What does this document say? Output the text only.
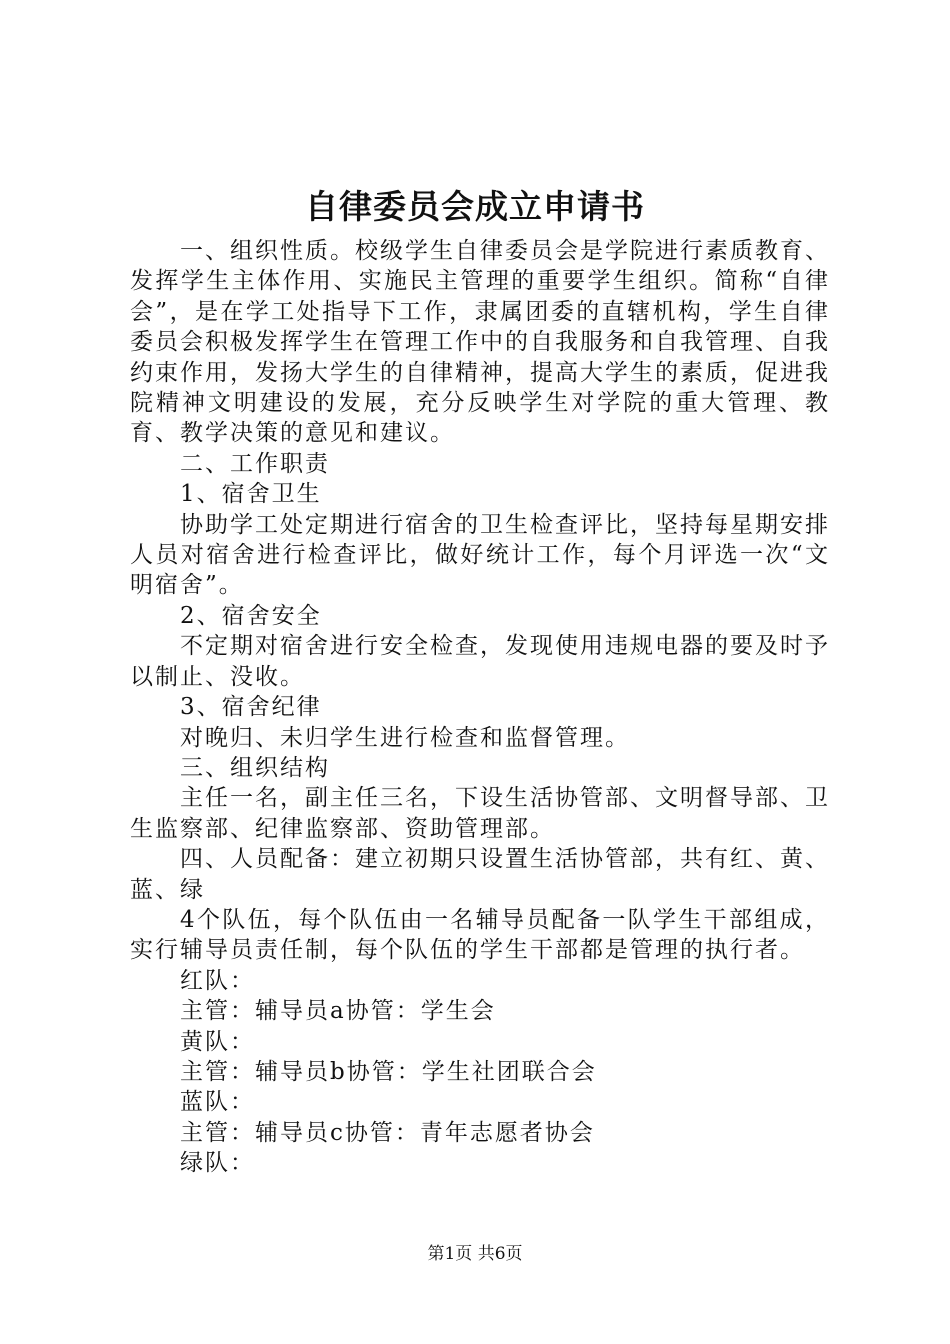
自律委员会成立申请书

一、组织性质。校级学生自律委员会是学院进行素质教育、发挥学生主体作用、实施民主管理的重要学生组织。简称“自律会”，是在学工处指导下工作，隶属团委的直辖机构，学生自律委员会积极发挥学生在管理工作中的自我服务和自我管理、自我约束作用，发扬大学生的自律精神，提高大学生的素质，促进我院精神文明建设的发展，充分反映学生对学院的重大管理、教育、教学决策的意见和建议。

二、工作职责

1、宿舍卫生

协助学工处定期进行宿舍的卫生检查评比，坚持每星期安排人员对宿舍进行检查评比，做好统计工作，每个月评选一次“文明宿舍”。

2、宿舍安全

不定期对宿舍进行安全检查，发现使用违规电器的要及时予以制止、没收。

3、宿舍纪律

对晚归、未归学生进行检查和监督管理。

三、组织结构

主任一名，副主任三名，下设生活协管部、文明督导部、卫生监察部、纪律监察部、资助管理部。

四、人员配备：建立初期只设置生活协管部，共有红、黄、蓝、绿

4个队伍，每个队伍由一名辅导员配备一队学生干部组成，实行辅导员责任制，每个队伍的学生干部都是管理的执行者。

红队：

主管：辅导员a协管：学生会

黄队：

主管：辅导员b协管：学生社团联合会

蓝队：

主管：辅导员c协管：青年志愿者协会

绿队：

第1页 共6页
